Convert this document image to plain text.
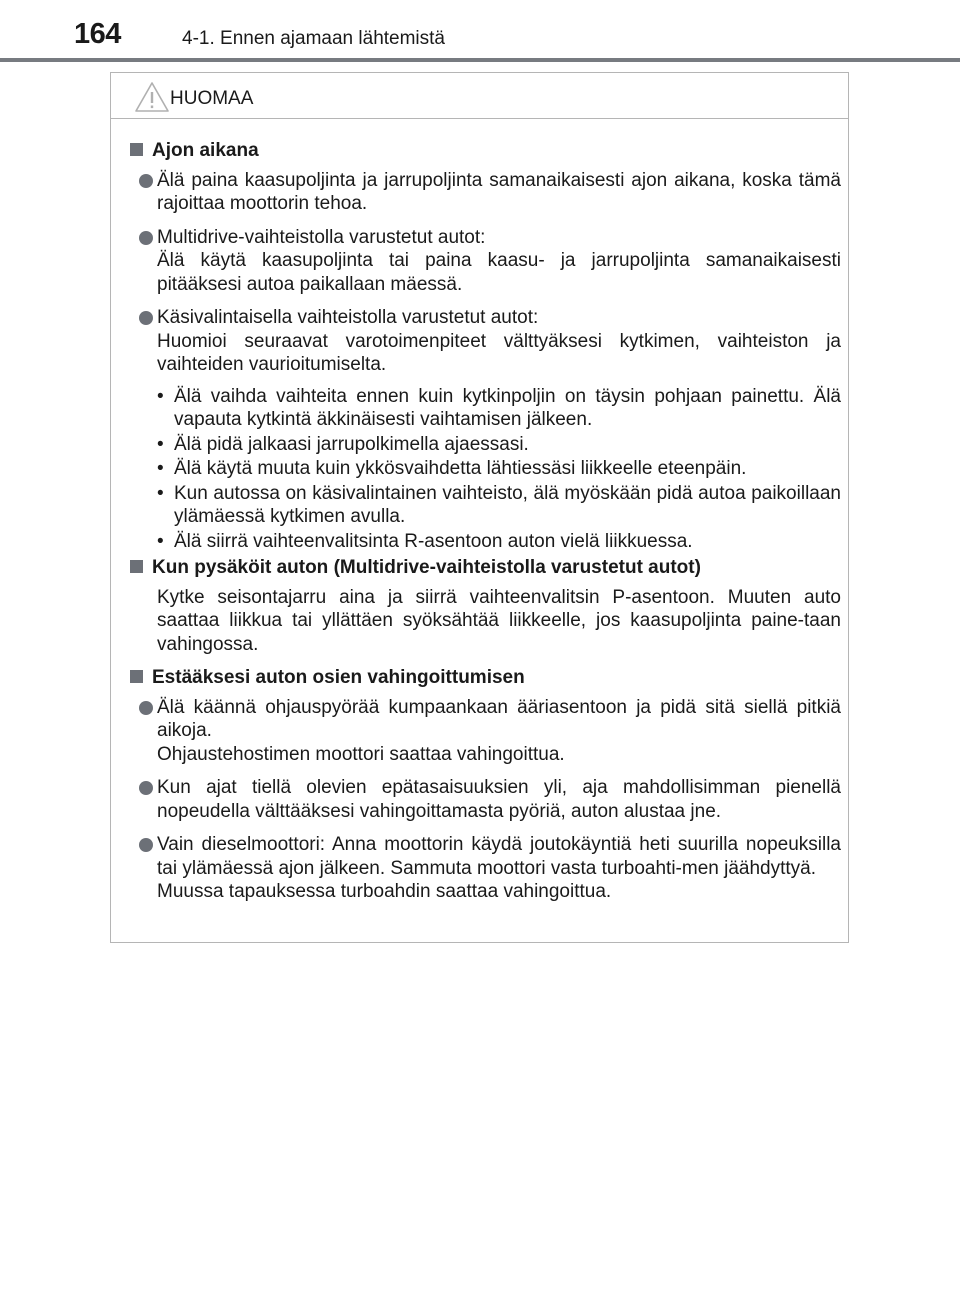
164	4-1. Ennen ajamaan lähtemistä
HUOMAA
Ajon aikana

Älä paina kaasupoljinta ja jarrupoljinta samanaikaisesti ajon aikana, koska tämä rajoittaa moottorin tehoa.

Multidrive-vaihteistolla varustetut autot:

Älä käytä kaasupoljinta tai paina kaasu- ja jarrupoljinta samanaikaisesti pitääksesi autoa paikallaan mäessä.

Käsivalintaisella vaihteistolla varustetut autot:

Huomioi seuraavat varotoimenpiteet välttyäksesi kytkimen, vaihteiston ja vaihteiden vaurioitumiselta.

• Älä vaihda vaihteita ennen kuin kytkinpoljin on täysin pohjaan painettu. Älä vapauta kytkintä äkkinäisesti vaihtamisen jälkeen.
• Älä pidä jalkaasi jarrupolkimella ajaessasi.
• Älä käytä muuta kuin ykkösvaihdetta lähtiessäsi liikkeelle eteenpäin.
• Kun autossa on käsivalintainen vaihteisto, älä myöskään pidä autoa paikoillaan ylämäessä kytkimen avulla.
• Älä siirrä vaihteenvalitsinta R-asentoon auton vielä liikkuessa.
Kun pysäköit auton (Multidrive-vaihteistolla varustetut autot)
Kytke seisontajarru aina ja siirrä vaihteenvalitsin P-asentoon. Muuten auto saattaa liikkua tai yllättäen syöksähtää liikkeelle, jos kaasupoljinta paine-taan vahingossa.
Estääksesi auton osien vahingoittumisen

Älä käännä ohjauspyörää kumpaankaan ääriasentoon ja pidä sitä siellä pitkiä aikoja.

Ohjaustehostimen moottori saattaa vahingoittua.

Kun ajat tiellä olevien epätasaisuuksien yli, aja mahdollisimman pienellä nopeudella välttääksesi vahingoittamasta pyöriä, auton alustaa jne.

Vain dieselmoottori: Anna moottorin käydä joutokäyntiä heti suurilla nopeuksilla tai ylämäessä ajon jälkeen. Sammuta moottori vasta turboahti-men jäähdyttyä.

Muussa tapauksessa turboahdin saattaa vahingoittua.
